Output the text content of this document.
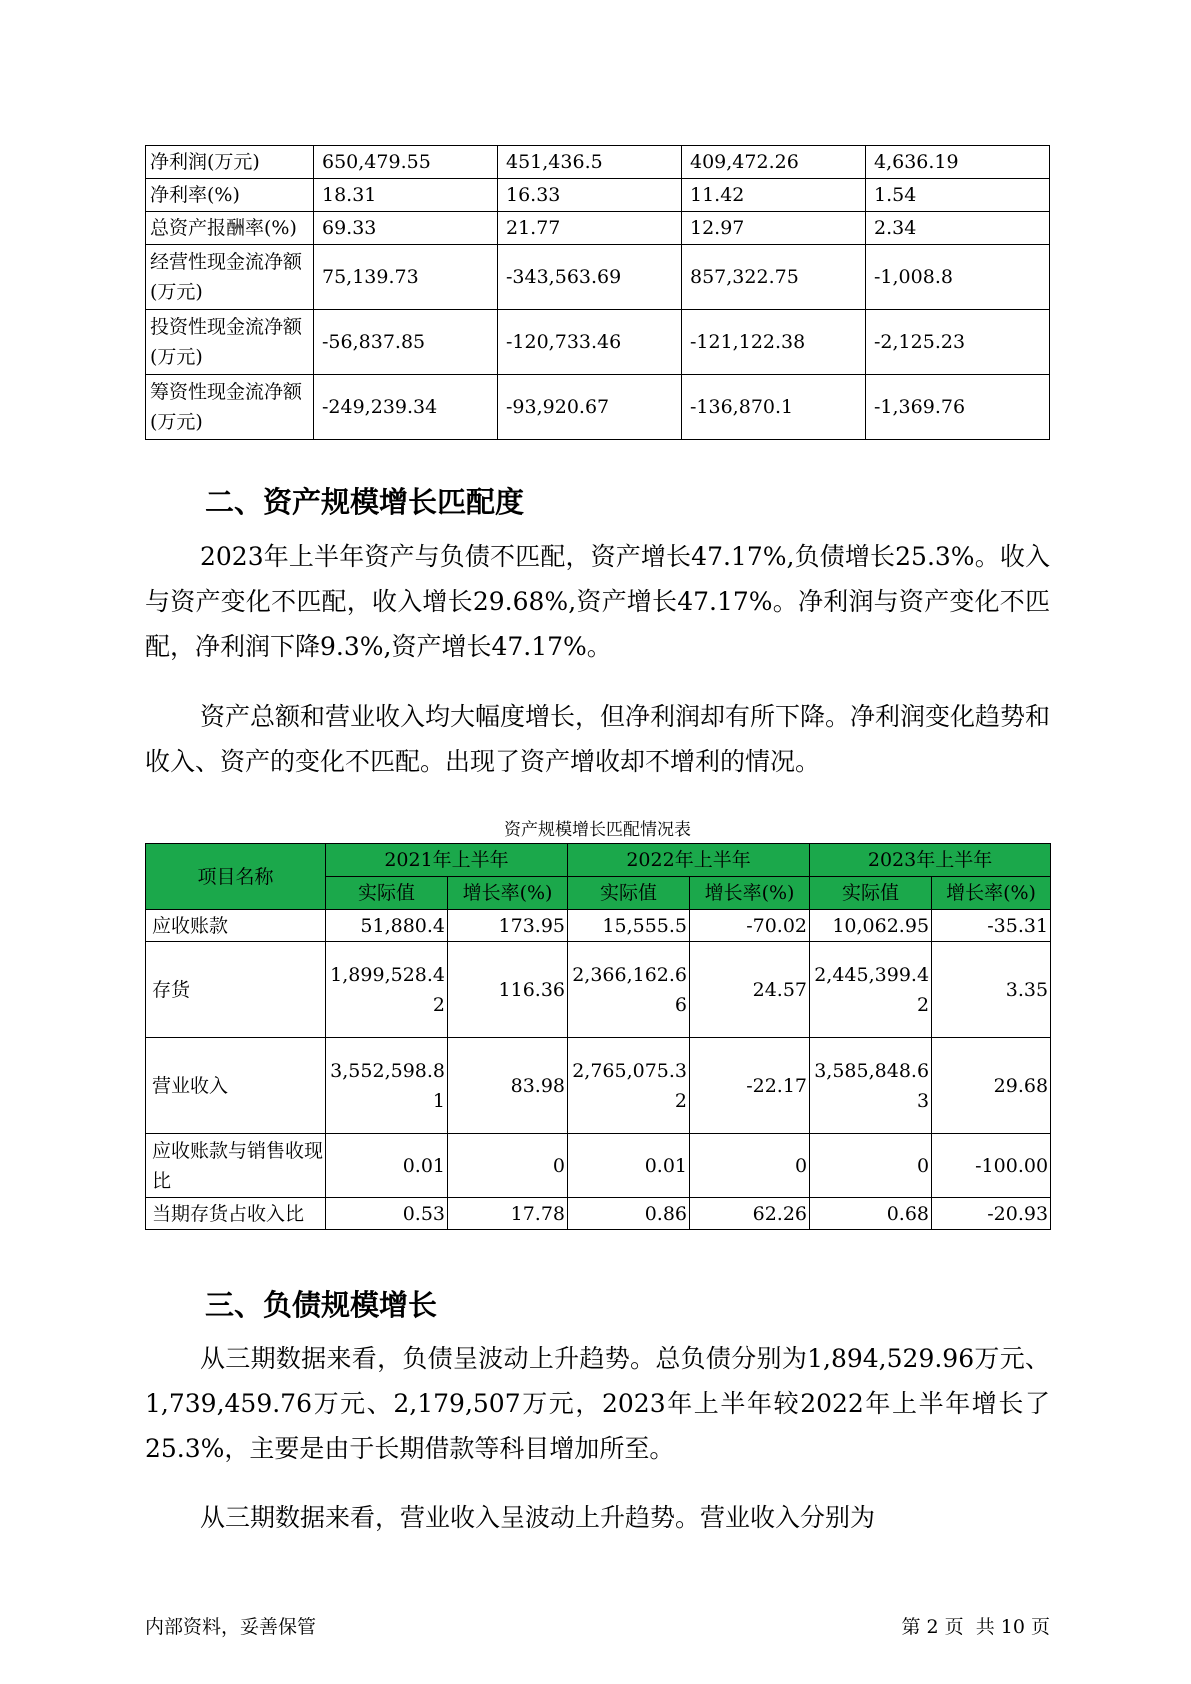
净利润(万元)	650,479.55	451,436.5	409,472.26	4,636.19
净利率(%)	18.31	16.33	11.42	1.54
总资产报酬率(%)	69.33	21.77	12.97	2.34
经营性现金流净额(万元)	75,139.73	-343,563.69	857,322.75	-1,008.8
投资性现金流净额(万元)	-56,837.85	-120,733.46	-121,122.38	-2,125.23
筹资性现金流净额(万元)	-249,239.34	-93,920.67	-136,870.1	-1,369.76
二、资产规模增长匹配度

2023年上半年资产与负债不匹配，资产增长47.17%,负债增长25.3%。收入与资产变化不匹配，收入增长29.68%,资产增长47.17%。净利润与资产变化不匹配，净利润下降9.3%,资产增长47.17%。

资产总额和营业收入均大幅度增长，但净利润却有所下降。净利润变化趋势和收入、资产的变化不匹配。出现了资产增收却不增利的情况。

资产规模增长匹配情况表
项目名称	2021年上半年		2022年上半年		2023年上半年	
	实际值	增长率(%)	实际值	增长率(%)	实际值	增长率(%)
应收账款	51,880.4	173.95	15,555.5	-70.02	10,062.95	-35.31
存货	1,899,528.42	116.36	2,366,162.66	24.57	2,445,399.42	3.35
营业收入	3,552,598.81	83.98	2,765,075.32	-22.17	3,585,848.63	29.68
应收账款与销售收现比	0.01	0	0.01	0	0	-100.00
当期存货占收入比	0.53	17.78	0.86	62.26	0.68	-20.93
三、负债规模增长

从三期数据来看，负债呈波动上升趋势。总负债分别为1,894,529.96万元、1,739,459.76万元、2,179,507万元，2023年上半年较2022年上半年增长了25.3%，主要是由于长期借款等科目增加所至。

从三期数据来看，营业收入呈波动上升趋势。营业收入分别为

内部资料，妥善保管	第 2 页  共 10 页
